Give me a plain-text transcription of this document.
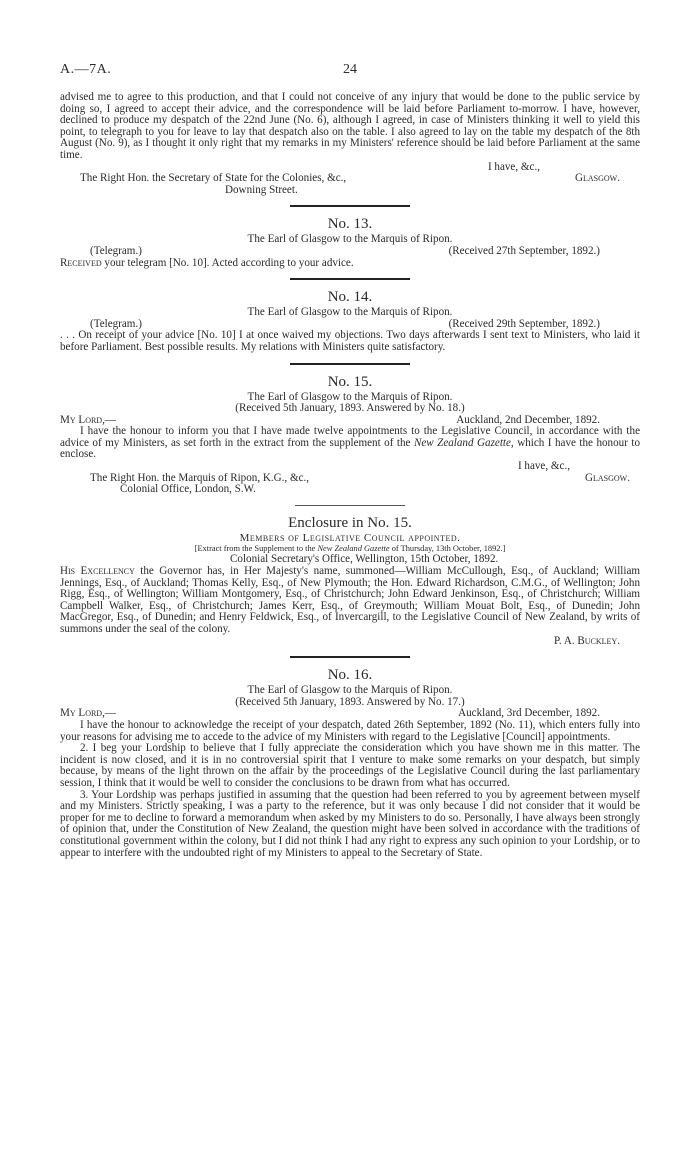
A.—7A.	24

advised me to agree to this production, and that I could not conceive of any injury that would be done to the public service by doing so, I agreed to accept their advice, and the correspondence will be laid before Parliament to-morrow. I have, however, declined to produce my despatch of the 22nd June (No. 6), although I agreed, in case of Ministers thinking it well to yield this point, to telegraph to you for leave to lay that despatch also on the table. I also agreed to lay on the table my despatch of the 8th August (No. 9), as I thought it only right that my remarks in my Ministers' reference should be laid before Parliament at the same time.

I have, &c.,
The Right Hon. the Secretary of State for the Colonies, &c.,	Glasgow.
Downing Street.
No. 13.
The Earl of Glasgow to the Marquis of Ripon.
(Telegram.)	(Received 27th September, 1892.)

Received your telegram [No. 10]. Acted according to your advice.

No. 14.
The Earl of Glasgow to the Marquis of Ripon.
(Telegram.)	(Received 29th September, 1892.)

. . . On receipt of your advice [No. 10] I at once waived my objections. Two days afterwards I sent text to Ministers, who laid it before Parliament. Best possible results. My relations with Ministers quite satisfactory.

No. 15.
The Earl of Glasgow to the Marquis of Ripon.
(Received 5th January, 1893. Answered by No. 18.)
My Lord,—	Auckland, 2nd December, 1892.

I have the honour to inform you that I have made twelve appointments to the Legislative Council, in accordance with the advice of my Ministers, as set forth in the extract from the supplement of the New Zealand Gazette, which I have the honour to enclose.

I have, &c.,
The Right Hon. the Marquis of Ripon, K.G., &c.,	Glasgow.
Colonial Office, London, S.W.
Enclosure in No. 15.
Members of Legislative Council appointed.
[Extract from the Supplement to the New Zealand Gazette of Thursday, 13th October, 1892.]
Colonial Secretary's Office, Wellington, 15th October, 1892.

His Excellency the Governor has, in Her Majesty's name, summoned—William McCullough, Esq., of Auckland; William Jennings, Esq., of Auckland; Thomas Kelly, Esq., of New Plymouth; the Hon. Edward Richardson, C.M.G., of Wellington; John Rigg, Esq., of Wellington; William Montgomery, Esq., of Christchurch; John Edward Jenkinson, Esq., of Christchurch; William Campbell Walker, Esq., of Christchurch; James Kerr, Esq., of Greymouth; William Mouat Bolt, Esq., of Dunedin; John MacGregor, Esq., of Dunedin; and Henry Feldwick, Esq., of Invercargill, to the Legislative Council of New Zealand, by writs of summons under the seal of the colony.

P. A. Buckley.
No. 16.
The Earl of Glasgow to the Marquis of Ripon.
(Received 5th January, 1893. Answered by No. 17.)
My Lord,—	Auckland, 3rd December, 1892.

I have the honour to acknowledge the receipt of your despatch, dated 26th September, 1892 (No. 11), which enters fully into your reasons for advising me to accede to the advice of my Ministers with regard to the Legislative [Council] appointments.

2. I beg your Lordship to believe that I fully appreciate the consideration which you have shown me in this matter. The incident is now closed, and it is in no controversial spirit that I venture to make some remarks on your despatch, but simply because, by means of the light thrown on the affair by the proceedings of the Legislative Council during the last parliamentary session, I think that it would be well to consider the conclusions to be drawn from what has occurred.

3. Your Lordship was perhaps justified in assuming that the question had been referred to you by agreement between myself and my Ministers. Strictly speaking, I was a party to the reference, but it was only because I did not consider that it would be proper for me to decline to forward a memorandum when asked by my Ministers to do so. Personally, I have always been strongly of opinion that, under the Constitution of New Zealand, the question might have been solved in accordance with the traditions of constitutional government within the colony, but I did not think I had any right to express any such opinion to your Lordship, or to appear to interfere with the undoubted right of my Ministers to appeal to the Secretary of State.
